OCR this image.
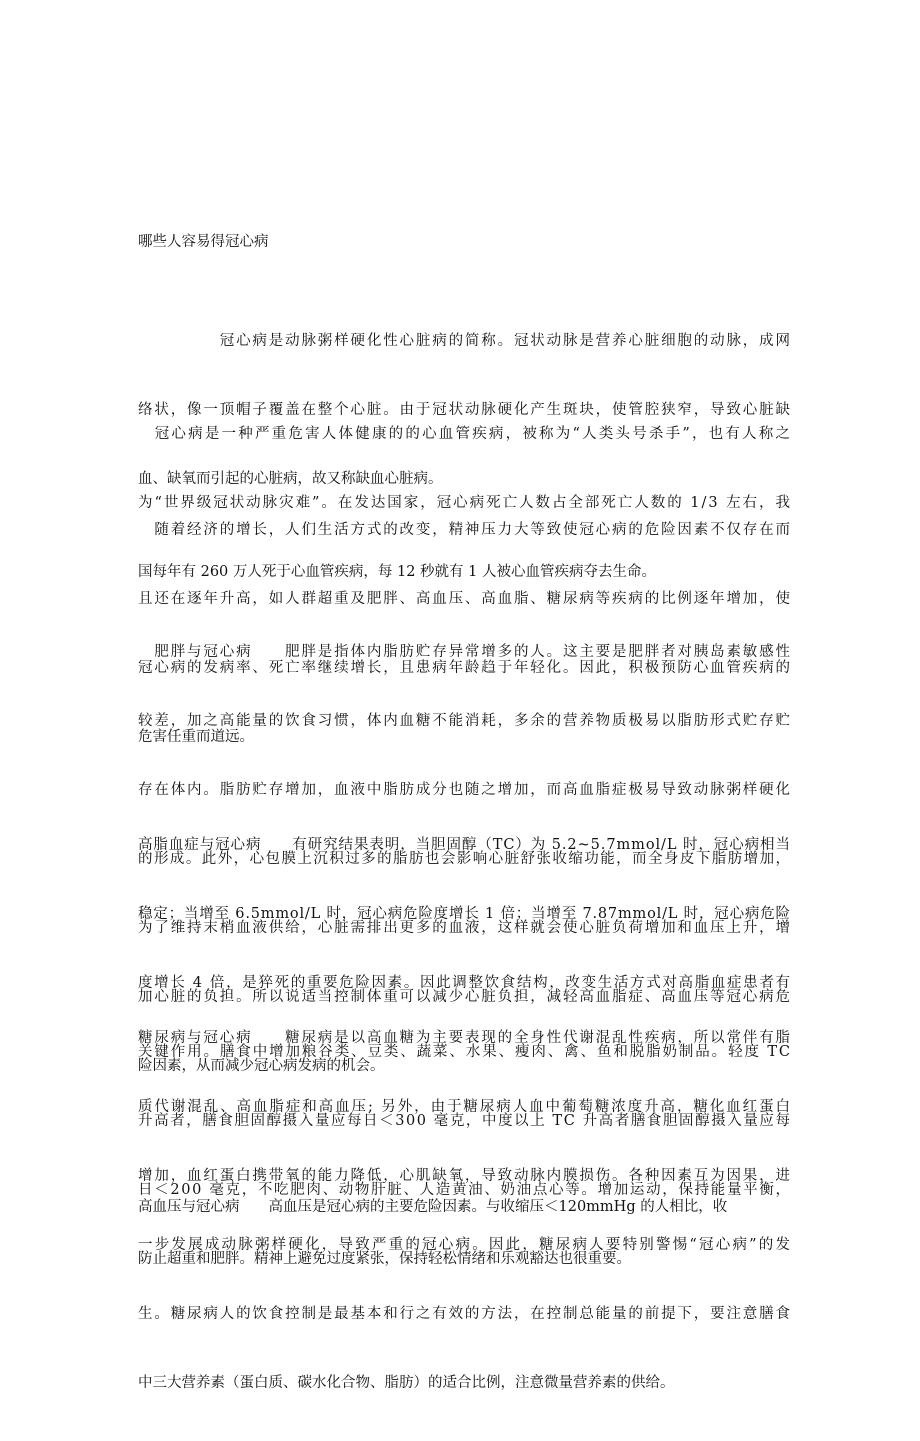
哪些人容易得冠心病

　　　　　冠心病是动脉粥样硬化性心脏病的简称。冠状动脉是营养心脏细胞的动脉，成网

络状，像一顶帽子覆盖在整个心脏。由于冠状动脉硬化产生斑块，使管腔狭窄，导致心脏缺

血、缺氧而引起的心脏病，故又称缺血心脏病。

　冠心病是一种严重危害人体健康的的心血管疾病，被称为“人类头号杀手”，也有人称之

为“世界级冠状动脉灾难”。在发达国家，冠心病死亡人数占全部死亡人数的 1/3 左右，我

国每年有 260 万人死于心血管疾病，每 12 秒就有 1 人被心血管疾病夺去生命。

　随着经济的增长，人们生活方式的改变，精神压力大等致使冠心病的危险因素不仅存在而

且还在逐年升高，如人群超重及肥胖、高血压、高血脂、糖尿病等疾病的比例逐年增加，使

冠心病的发病率、死亡率继续增长，且患病年龄趋于年轻化。因此，积极预防心血管疾病的

危害任重而道远。

　肥胖与冠心病　　肥胖是指体内脂肪贮存异常增多的人。这主要是肥胖者对胰岛素敏感性

较差，加之高能量的饮食习惯，体内血糖不能消耗，多余的营养物质极易以脂肪形式贮存贮

存在体内。脂肪贮存增加，血液中脂肪成分也随之增加，而高血脂症极易导致动脉粥样硬化

的形成。此外，心包膜上沉积过多的脂肪也会影响心脏舒张收缩功能，而全身皮下脂肪增加，

为了维持末梢血液供给，心脏需排出更多的血液，这样就会使心脏负荷增加和血压上升，增

加心脏的负担。所以说适当控制体重可以减少心脏负担，减轻高血脂症、高血压等冠心病危

险因素，从而减少冠心病发病的机会。

高脂血症与冠心病　　有研究结果表明，当胆固醇（TC）为 5.2~5.7mmol/L 时，冠心病相当

稳定；当增至 6.5mmol/L 时，冠心病危险度增长 1 倍；当增至 7.87mmol/L 时，冠心病危险

度增长 4 倍，是猝死的重要危险因素。因此调整饮食结构，改变生活方式对高脂血症患者有

关键作用。膳食中增加粮谷类、豆类、蔬菜、水果、瘦肉、禽、鱼和脱脂奶制品。轻度 TC

升高者，膳食胆固醇摄入量应每日＜300 毫克，中度以上 TC 升高者膳食胆固醇摄入量应每

日＜200 毫克，不吃肥肉、动物肝脏、人造黄油、奶油点心等。增加运动，保持能量平衡，

防止超重和肥胖。精神上避免过度紧张，保持轻松情绪和乐观豁达也很重要。

糖尿病与冠心病　　糖尿病是以高血糖为主要表现的全身性代谢混乱性疾病，所以常伴有脂

质代谢混乱、高血脂症和高血压; 另外，由于糖尿病人血中葡萄糖浓度升高，糖化血红蛋白

增加，血红蛋白携带氧的能力降低，心肌缺氧，导致动脉内膜损伤。各种因素互为因果，进

一步发展成动脉粥样硬化，导致严重的冠心病。因此，糖尿病人要特别警惕“冠心病”的发

生。糖尿病人的饮食控制是最基本和行之有效的方法，在控制总能量的前提下，要注意膳食

中三大营养素（蛋白质、碳水化合物、脂肪）的适合比例，注意微量营养素的供给。

高血压与冠心病　　高血压是冠心病的主要危险因素。与收缩压＜120mmHg 的人相比，收
